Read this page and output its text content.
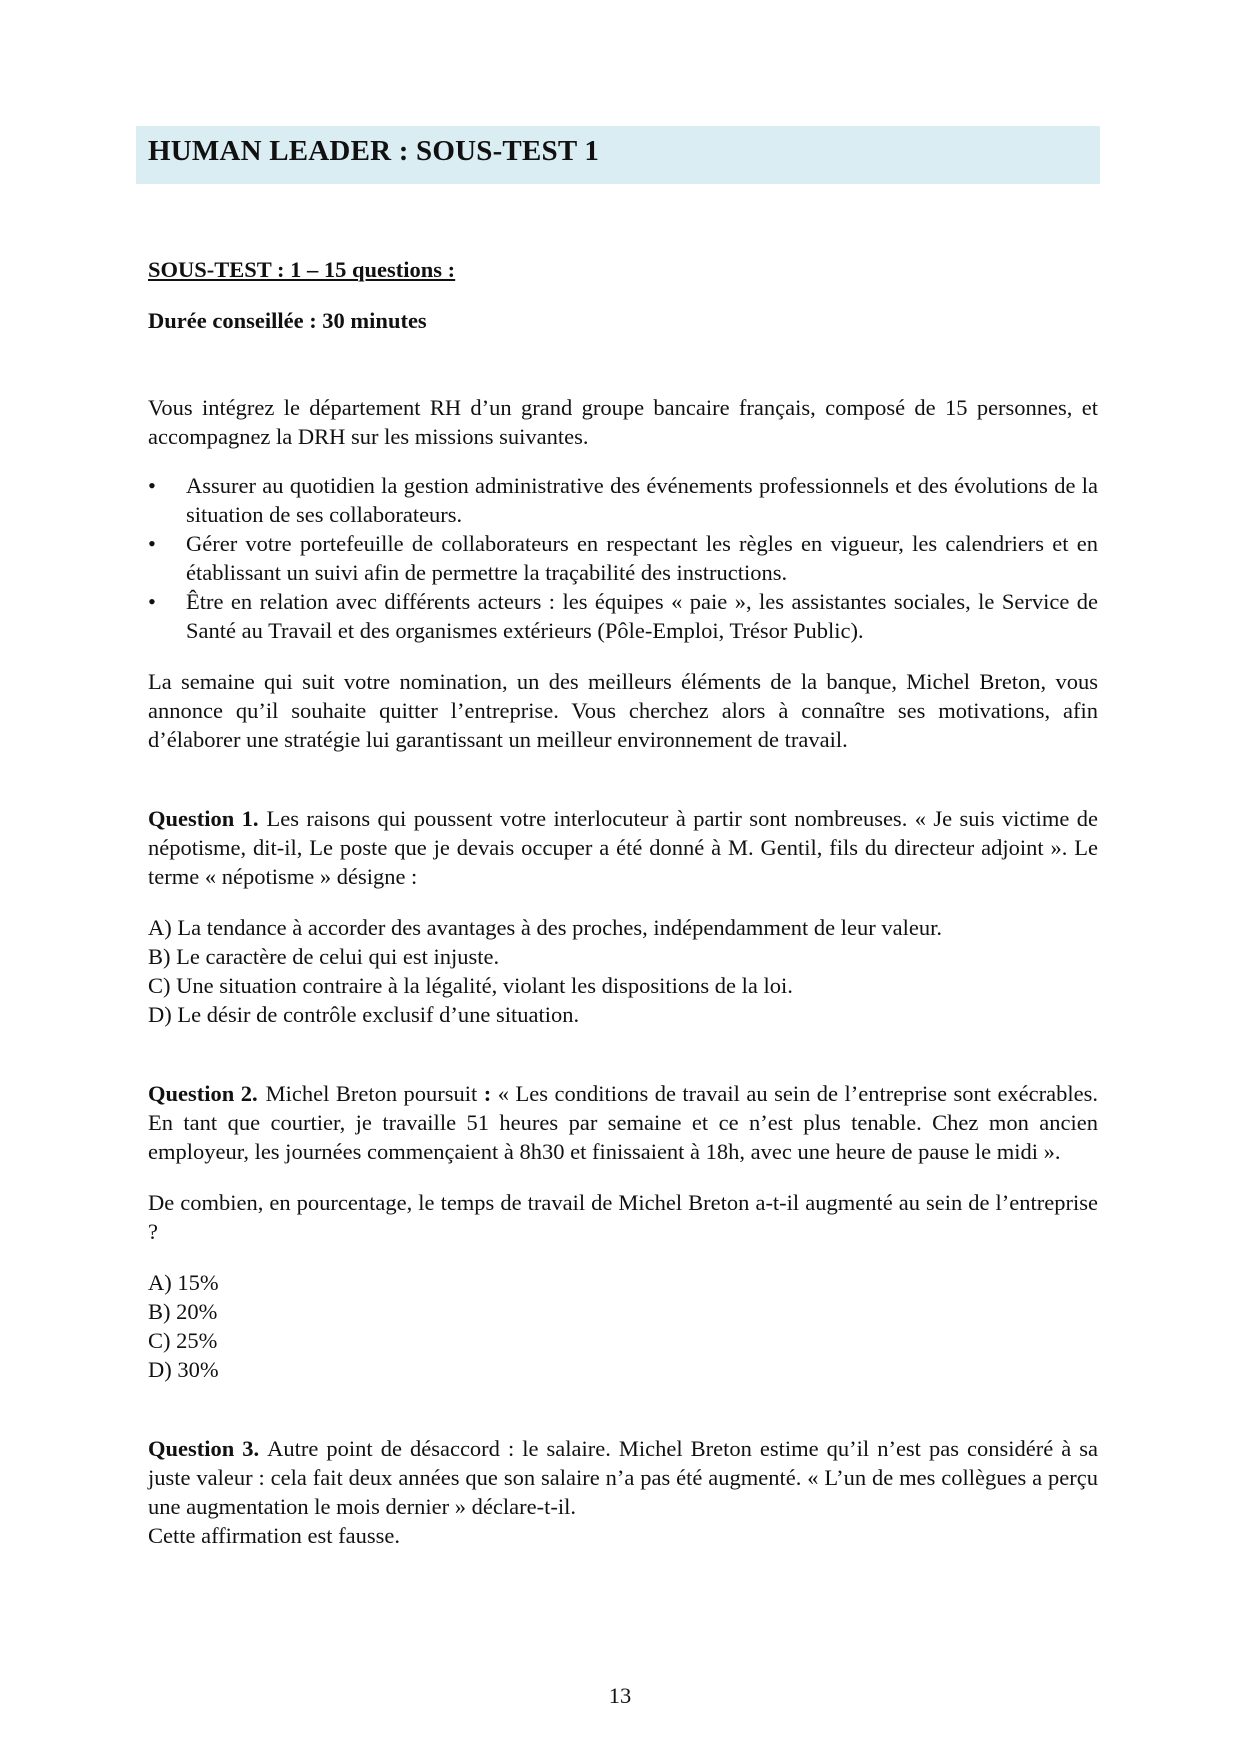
HUMAN LEADER : SOUS-TEST 1

SOUS-TEST : 1 – 15 questions :

Durée conseillée : 30 minutes

Vous intégrez le département RH d’un grand groupe bancaire français, composé de 15 personnes, et accompagnez la DRH sur les missions suivantes.

• Assurer au quotidien la gestion administrative des événements professionnels et des évolutions de la situation de ses collaborateurs.
• Gérer votre portefeuille de collaborateurs en respectant les règles en vigueur, les calendriers et en établissant un suivi afin de permettre la traçabilité des instructions.
• Être en relation avec différents acteurs : les équipes « paie », les assistantes sociales, le Service de Santé au Travail et des organismes extérieurs (Pôle-Emploi, Trésor Public).

La semaine qui suit votre nomination, un des meilleurs éléments de la banque, Michel Breton, vous annonce qu’il souhaite quitter l’entreprise. Vous cherchez alors à connaître ses motivations, afin d’élaborer une stratégie lui garantissant un meilleur environnement de travail.

Question 1. Les raisons qui poussent votre interlocuteur à partir sont nombreuses. « Je suis victime de népotisme, dit-il, Le poste que je devais occuper a été donné à M. Gentil, fils du directeur adjoint ». Le terme « népotisme » désigne :

A) La tendance à accorder des avantages à des proches, indépendamment de leur valeur.

B) Le caractère de celui qui est injuste.

C) Une situation contraire à la légalité, violant les dispositions de la loi.

D) Le désir de contrôle exclusif d’une situation.

Question 2. Michel Breton poursuit : « Les conditions de travail au sein de l’entreprise sont exécrables. En tant que courtier, je travaille 51 heures par semaine et ce n’est plus tenable. Chez mon ancien employeur, les journées commençaient à 8h30 et finissaient à 18h, avec une heure de pause le midi ».

De combien, en pourcentage, le temps de travail de Michel Breton a-t-il augmenté au sein de l’entreprise ?

A) 15%

B) 20%

C) 25%

D) 30%

Question 3. Autre point de désaccord : le salaire. Michel Breton estime qu’il n’est pas considéré à sa juste valeur : cela fait deux années que son salaire n’a pas été augmenté. « L’un de mes collègues a perçu une augmentation le mois dernier » déclare-t-il.

Cette affirmation est fausse.

13
